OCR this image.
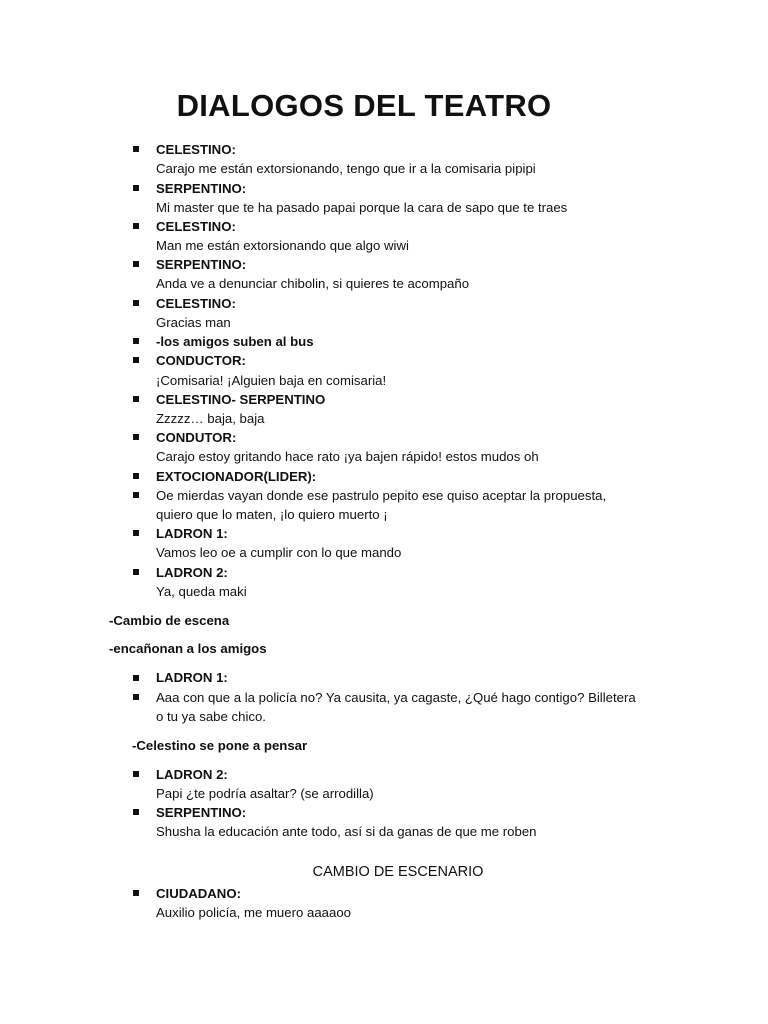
DIALOGOS DEL TEATRO
CELESTINO:
Carajo me están extorsionando, tengo que ir a la comisaria pipipi
SERPENTINO:
Mi master que te ha pasado papai porque la cara de sapo que te traes
CELESTINO:
Man me están extorsionando que algo wiwi
SERPENTINO:
Anda ve a denunciar chibolin, si quieres te acompaño
CELESTINO:
Gracias man
-los amigos suben al bus
CONDUCTOR:
¡Comisaria! ¡Alguien baja en comisaria!
CELESTINO- SERPENTINO
Zzzzz… baja, baja
CONDUTOR:
Carajo estoy gritando hace rato ¡ya bajen rápido! estos mudos oh
EXTOCIONADOR(LIDER):
Oe mierdas vayan donde ese pastrulo pepito ese quiso aceptar la propuesta,
quiero que lo maten, ¡lo quiero muerto ¡
LADRON 1:
Vamos leo oe a cumplir con lo que mando
LADRON 2:
Ya, queda maki
-Cambio de escena
-encañonan a los amigos
LADRON 1:
Aaa con que a la policía no? Ya causita, ya cagaste, ¿Qué hago contigo? Billetera
o tu ya sabe chico.
-Celestino se pone a pensar
LADRON 2:
Papi ¿te podría asaltar? (se arrodilla)
SERPENTINO:
Shusha la educación ante todo, así si da ganas de que me roben
CAMBIO DE ESCENARIO
CIUDADANO:
Auxilio policía, me muero aaaaoo
